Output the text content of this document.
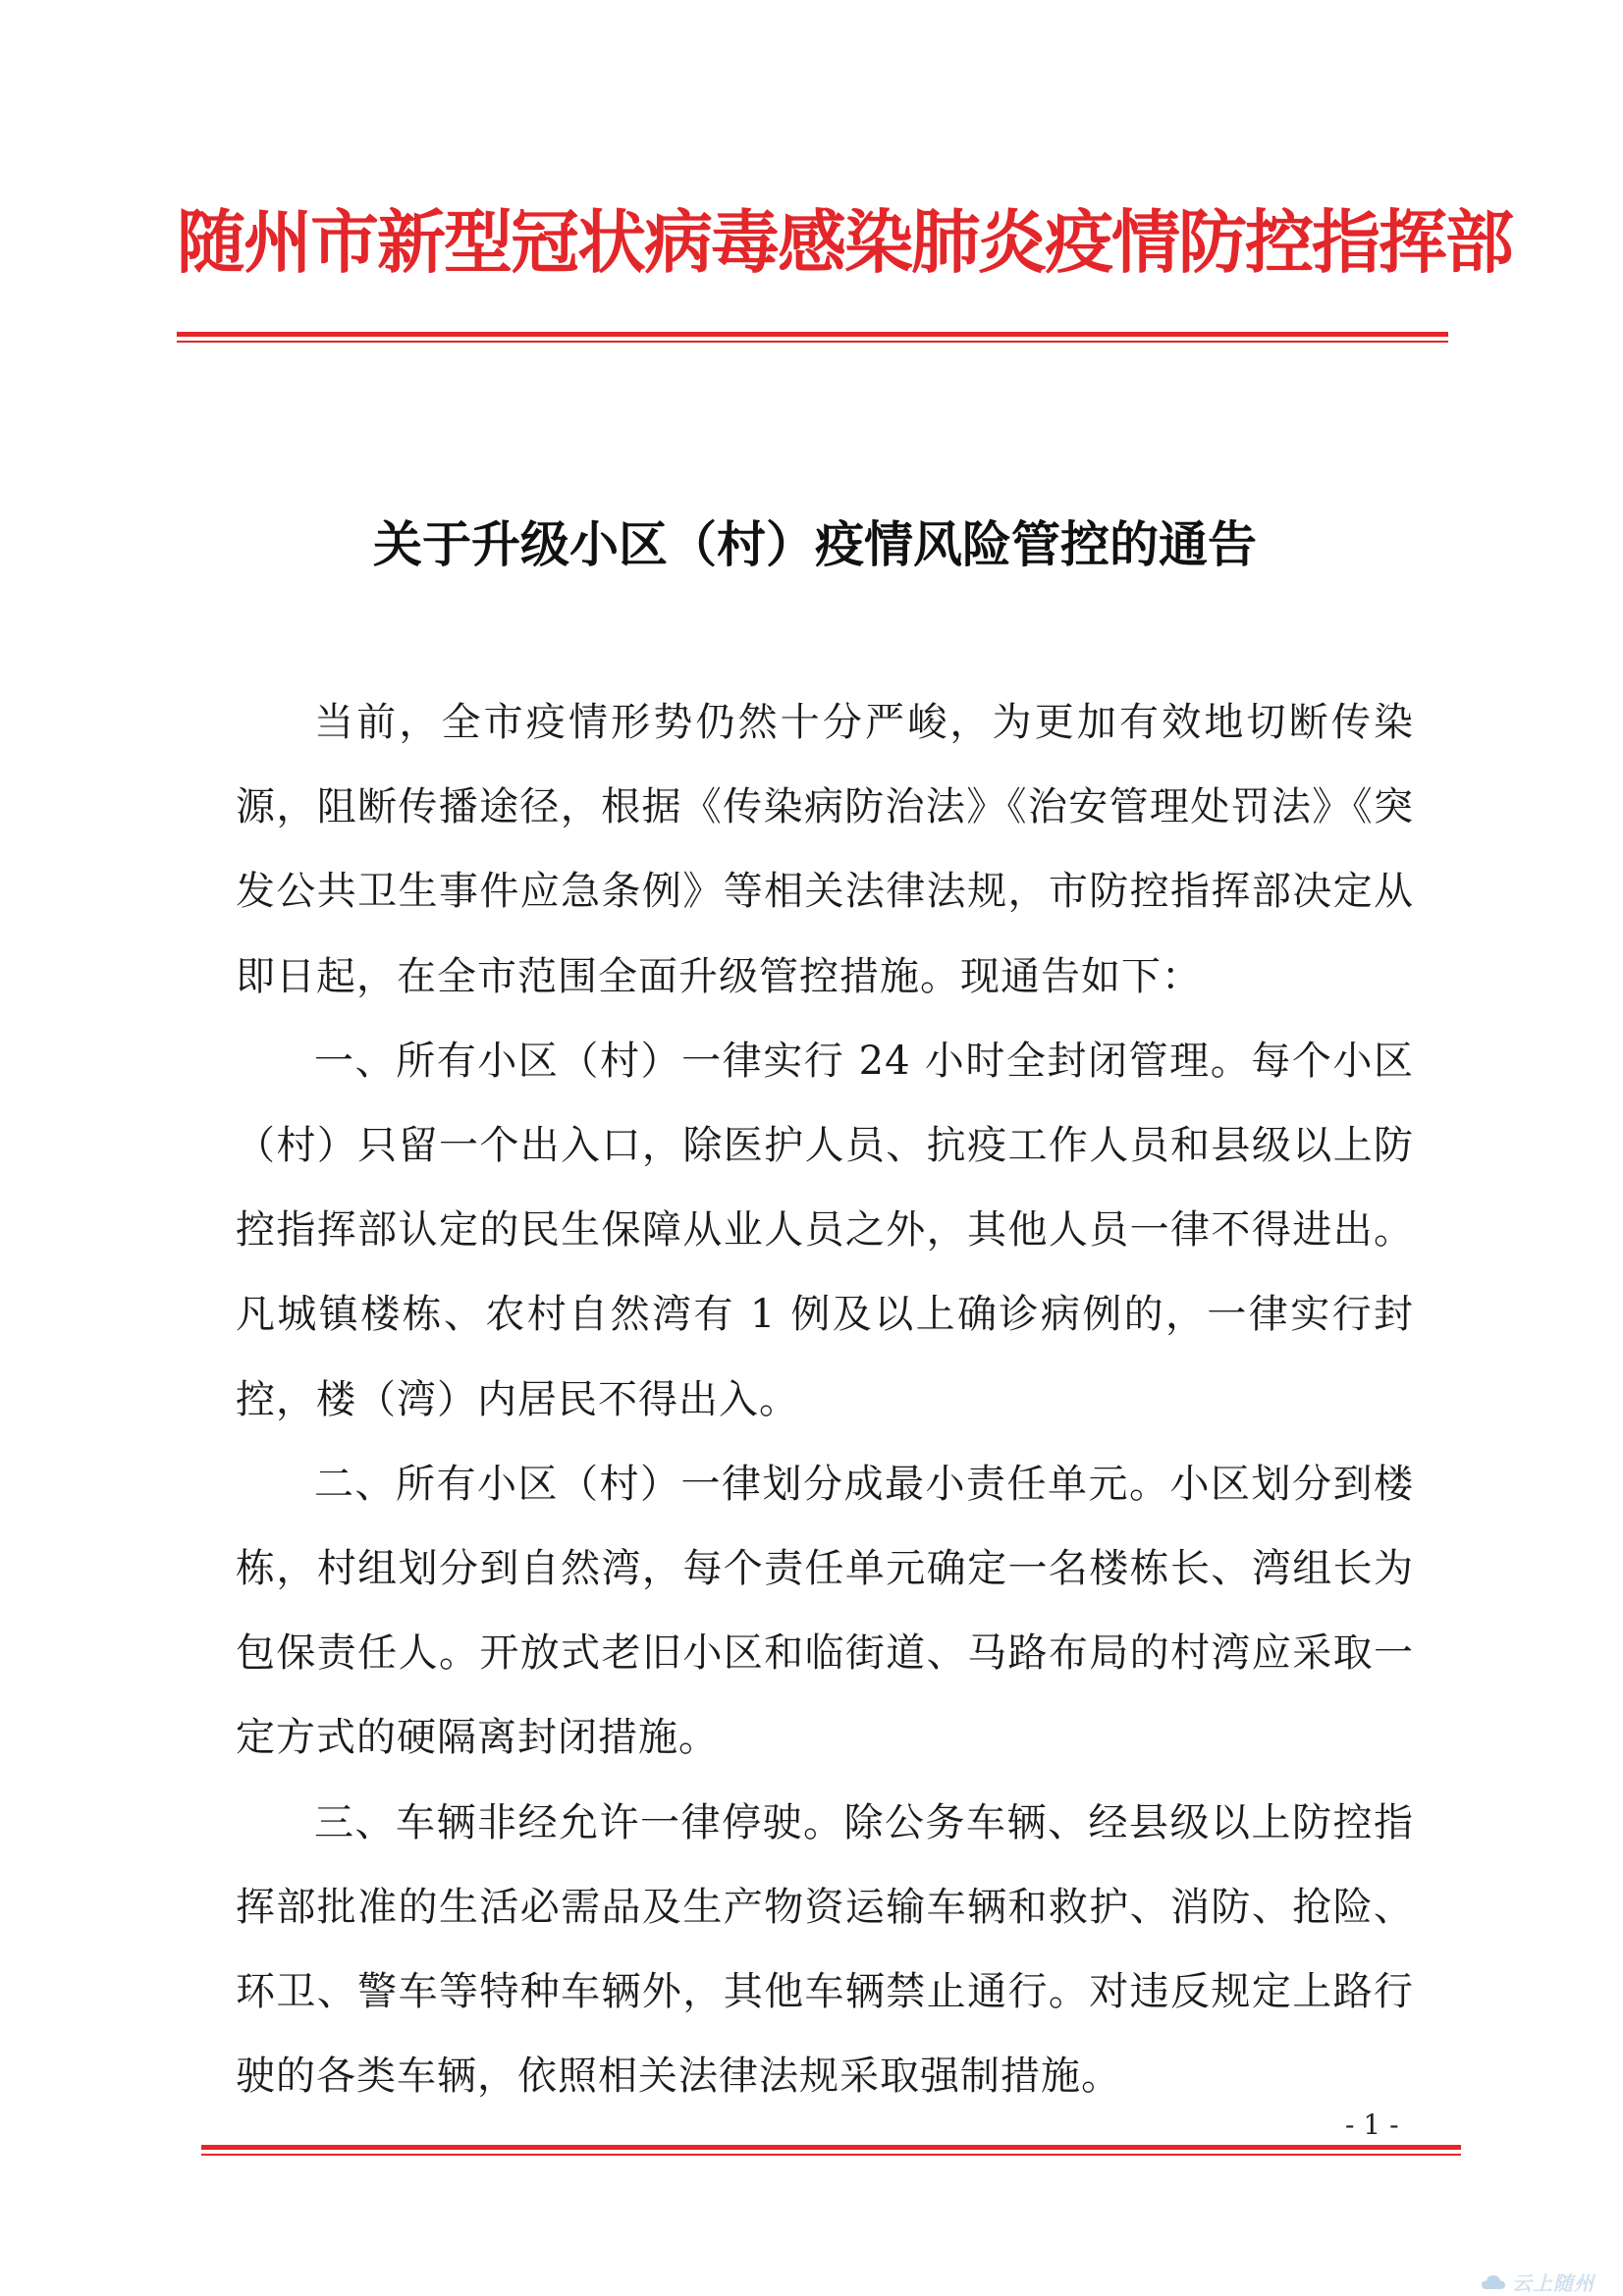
随州市新型冠状病毒感染肺炎疫情防控指挥部
关于升级小区（村）疫情风险管控的通告

当前，全市疫情形势仍然十分严峻，为更加有效地切断传染源，阻断传播途径，根据《传染病防治法》《治安管理处罚法》《突发公共卫生事件应急条例》等相关法律法规，市防控指挥部决定从即日起，在全市范围全面升级管控措施。现通告如下：

一、所有小区（村）一律实行 24 小时全封闭管理。每个小区（村）只留一个出入口，除医护人员、抗疫工作人员和县级以上防控指挥部认定的民生保障从业人员之外，其他人员一律不得进出。凡城镇楼栋、农村自然湾有 1 例及以上确诊病例的，一律实行封控，楼（湾）内居民不得出入。

二、所有小区（村）一律划分成最小责任单元。小区划分到楼栋，村组划分到自然湾，每个责任单元确定一名楼栋长、湾组长为包保责任人。开放式老旧小区和临街道、马路布局的村湾应采取一定方式的硬隔离封闭措施。

三、车辆非经允许一律停驶。除公务车辆、经县级以上防控指挥部批准的生活必需品及生产物资运输车辆和救护、消防、抢险、环卫、警车等特种车辆外，其他车辆禁止通行。对违反规定上路行驶的各类车辆，依照相关法律法规采取强制措施。

- 1 -
云上随州
